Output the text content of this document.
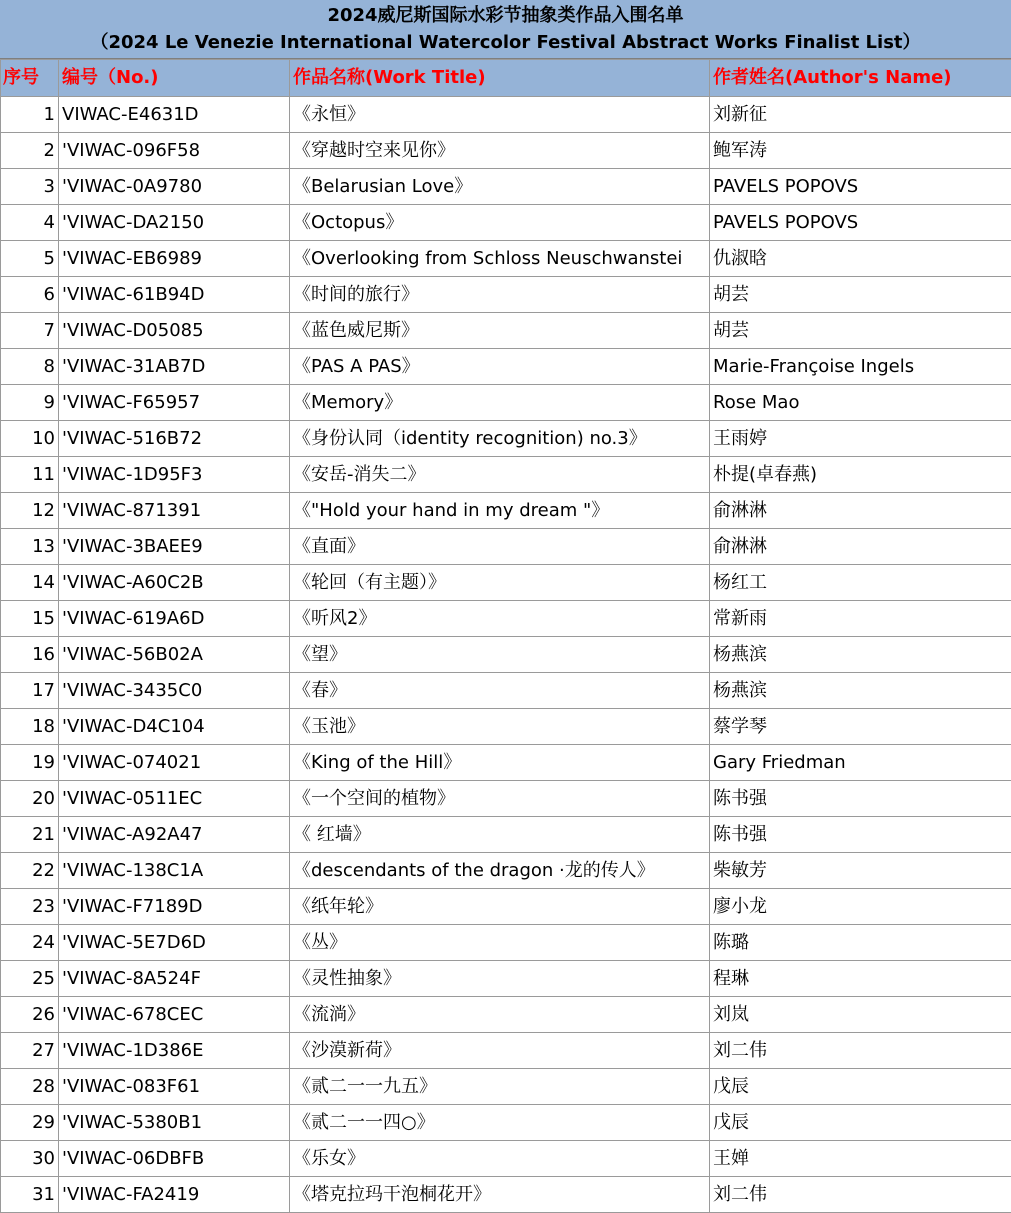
2024威尼斯国际水彩节抽象类作品入围名单
（2024 Le Venezie International Watercolor Festival Abstract Works Finalist List）
序号	编号（No.)	作品名称(Work Title)	作者姓名(Author's Name)
1	VIWAC-E4631D	《永恒》	刘新征
2	'VIWAC-096F58	《穿越时空来见你》	鲍军涛
3	'VIWAC-0A9780	《Belarusian Love》	PAVELS POPOVS
4	'VIWAC-DA2150	《Octopus》	PAVELS POPOVS
5	'VIWAC-EB6989	《Overlooking from Schloss Neuschwanstei	仇淑晗
6	'VIWAC-61B94D	《时间的旅行》	胡芸
7	'VIWAC-D05085	《蓝色威尼斯》	胡芸
8	'VIWAC-31AB7D	《PAS A PAS》	Marie-Françoise Ingels
9	'VIWAC-F65957	《Memory》	Rose Mao
10	'VIWAC-516B72	《身份认同（identity recognition) no.3》	王雨婷
11	'VIWAC-1D95F3	《安岳-消失二》	朴提(卓春燕)
12	'VIWAC-871391	《"Hold your hand in my dream "》	俞淋淋
13	'VIWAC-3BAEE9	《直面》	俞淋淋
14	'VIWAC-A60C2B	《轮回（有主题）》	杨红工
15	'VIWAC-619A6D	《听风2》	常新雨
16	'VIWAC-56B02A	《望》	杨燕滨
17	'VIWAC-3435C0	《春》	杨燕滨
18	'VIWAC-D4C104	《玉池》	蔡学琴
19	'VIWAC-074021	《King of the Hill》	Gary Friedman
20	'VIWAC-0511EC	《一个空间的植物》	陈书强
21	'VIWAC-A92A47	《 红墙》	陈书强
22	'VIWAC-138C1A	《descendants of the dragon ·龙的传人》	柴敏芳
23	'VIWAC-F7189D	《纸年轮》	廖小龙
24	'VIWAC-5E7D6D	《丛》	陈璐
25	'VIWAC-8A524F	《灵性抽象》	程琳
26	'VIWAC-678CEC	《流淌》	刘岚
27	'VIWAC-1D386E	《沙漠新荷》	刘二伟
28	'VIWAC-083F61	《贰二一一九五》	戊辰
29	'VIWAC-5380B1	《贰二一一四○》	戊辰
30	'VIWAC-06DBFB	《乐女》	王婵
31	'VIWAC-FA2419	《塔克拉玛干泡桐花开》	刘二伟
